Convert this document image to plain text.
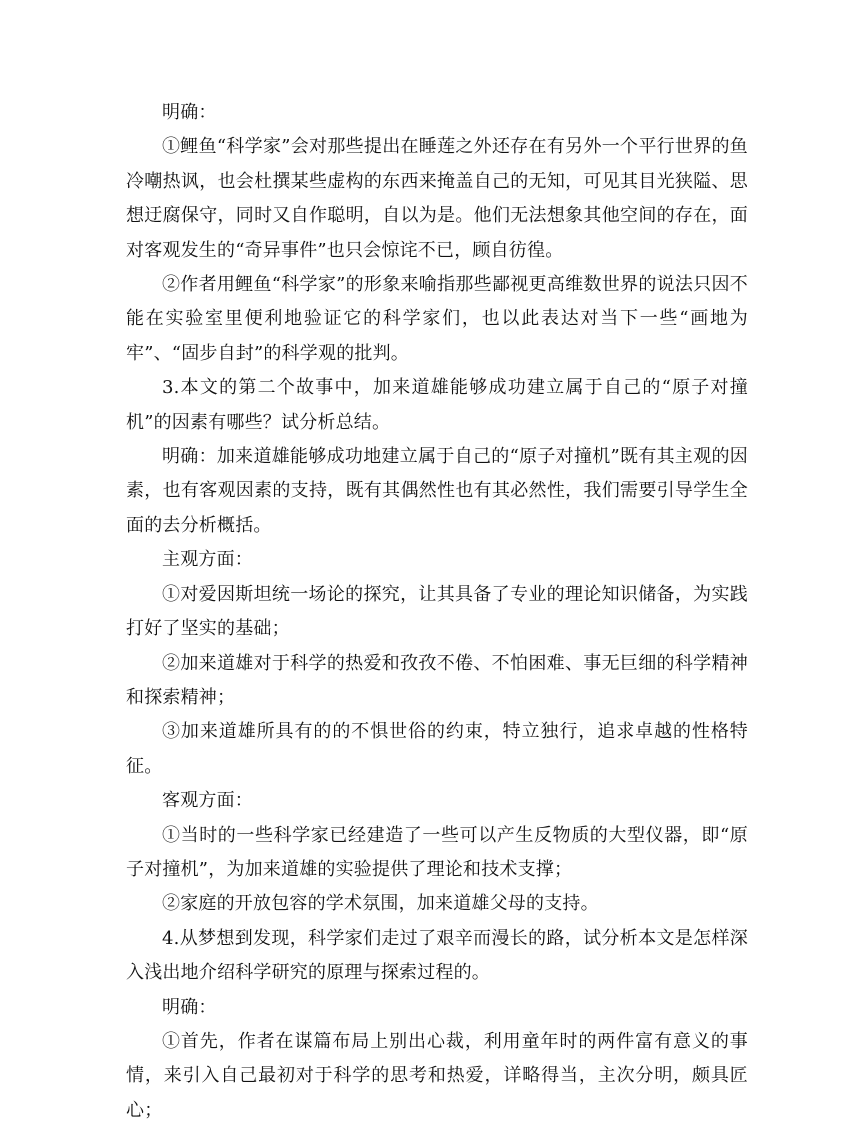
明确：

①鲤鱼“科学家”会对那些提出在睡莲之外还存在有另外一个平行世界的鱼冷嘲热讽，也会杜撰某些虚构的东西来掩盖自己的无知，可见其目光狭隘、思想迂腐保守，同时又自作聪明，自以为是。他们无法想象其他空间的存在，面对客观发生的“奇异事件”也只会惊诧不已，顾自彷徨。

②作者用鲤鱼“科学家”的形象来喻指那些鄙视更高维数世界的说法只因不能在实验室里便利地验证它的科学家们，也以此表达对当下一些“画地为牢”、“固步自封”的科学观的批判。

3.本文的第二个故事中，加来道雄能够成功建立属于自己的“原子对撞机”的因素有哪些？试分析总结。

明确：加来道雄能够成功地建立属于自己的“原子对撞机”既有其主观的因素，也有客观因素的支持，既有其偶然性也有其必然性，我们需要引导学生全面的去分析概括。

主观方面：

①对爱因斯坦统一场论的探究，让其具备了专业的理论知识储备，为实践打好了坚实的基础；

②加来道雄对于科学的热爱和孜孜不倦、不怕困难、事无巨细的科学精神和探索精神；

③加来道雄所具有的的不惧世俗的约束，特立独行，追求卓越的性格特征。

客观方面：

①当时的一些科学家已经建造了一些可以产生反物质的大型仪器，即“原子对撞机”，为加来道雄的实验提供了理论和技术支撑；

②家庭的开放包容的学术氛围，加来道雄父母的支持。

4.从梦想到发现，科学家们走过了艰辛而漫长的路，试分析本文是怎样深入浅出地介绍科学研究的原理与探索过程的。

明确：

①首先，作者在谋篇布局上别出心裁，利用童年时的两件富有意义的事情，来引入自己最初对于科学的思考和热爱，详略得当，主次分明，颇具匠心；
